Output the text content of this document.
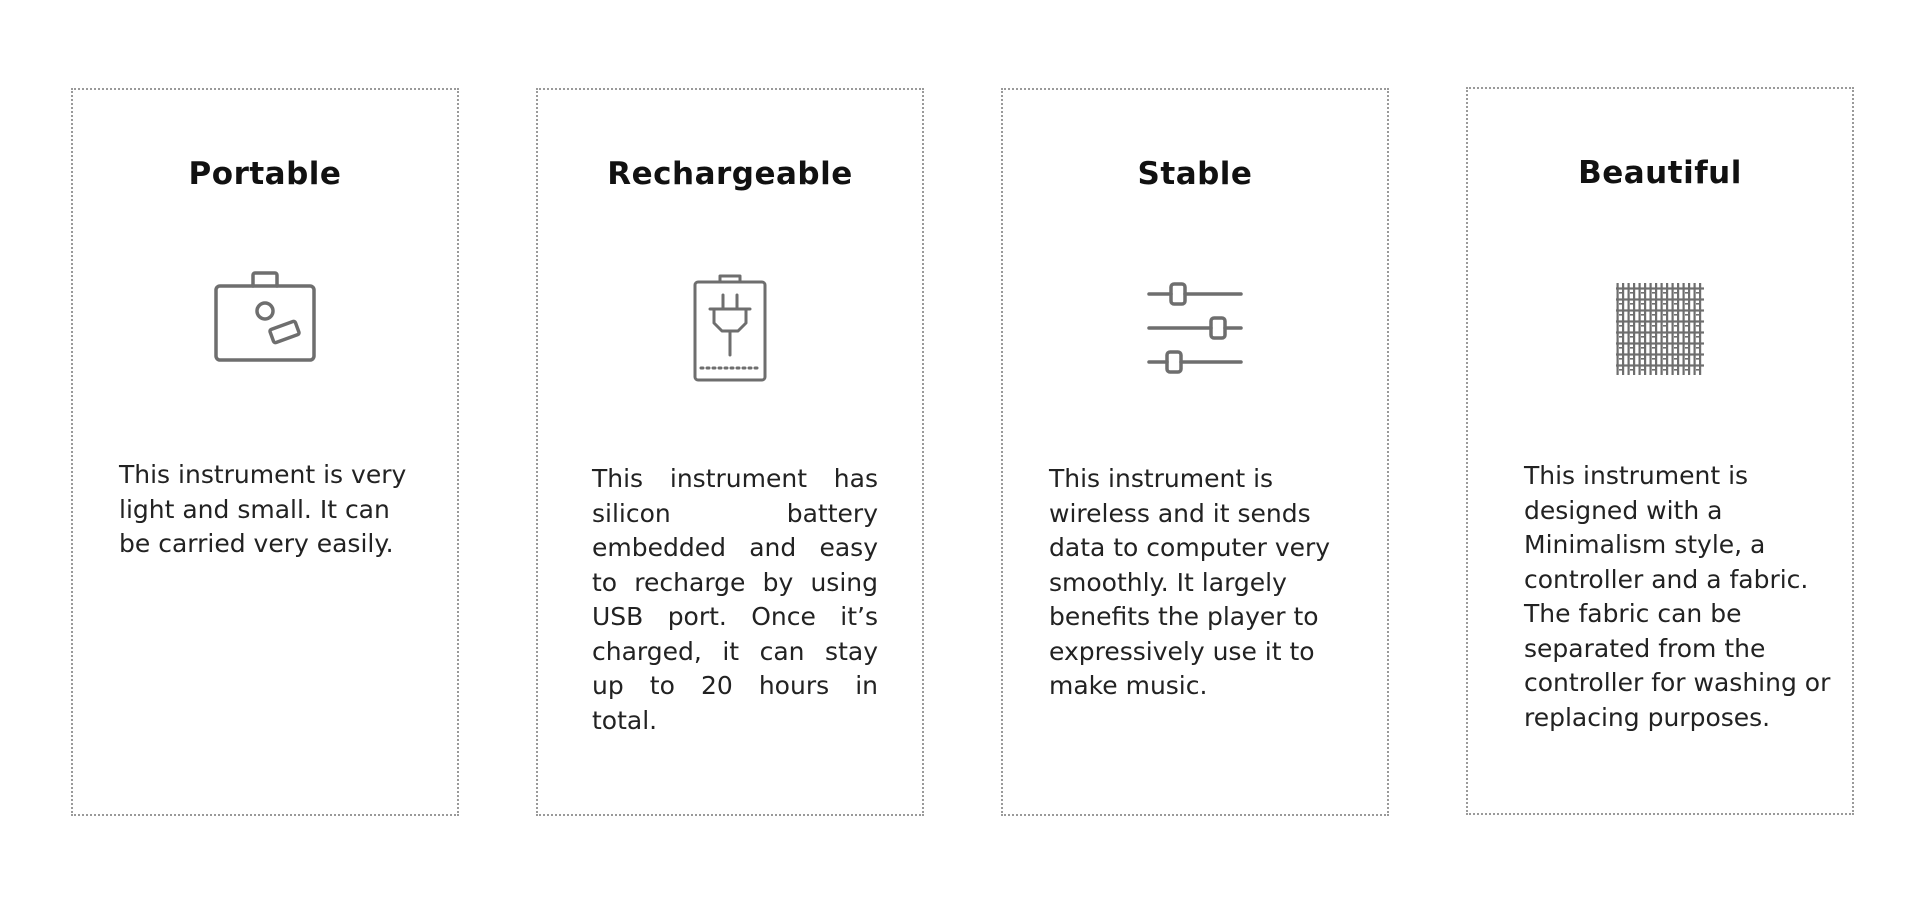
Portable
This instrument is very light and small. It can be carried very easily.
Rechargeable
This instrument has silicon battery embedded and easy to recharge by using USB port. Once it’s charged, it can stay up to 20 hours in total.
Stable
This instrument is wireless and it sends data to computer very smoothly. It largely benefits the player to expressively use it to make music.
Beautiful
This instrument is designed with a Minimalism style, a controller and a fabric. The fabric can be separated from the controller for washing or replacing purposes.
